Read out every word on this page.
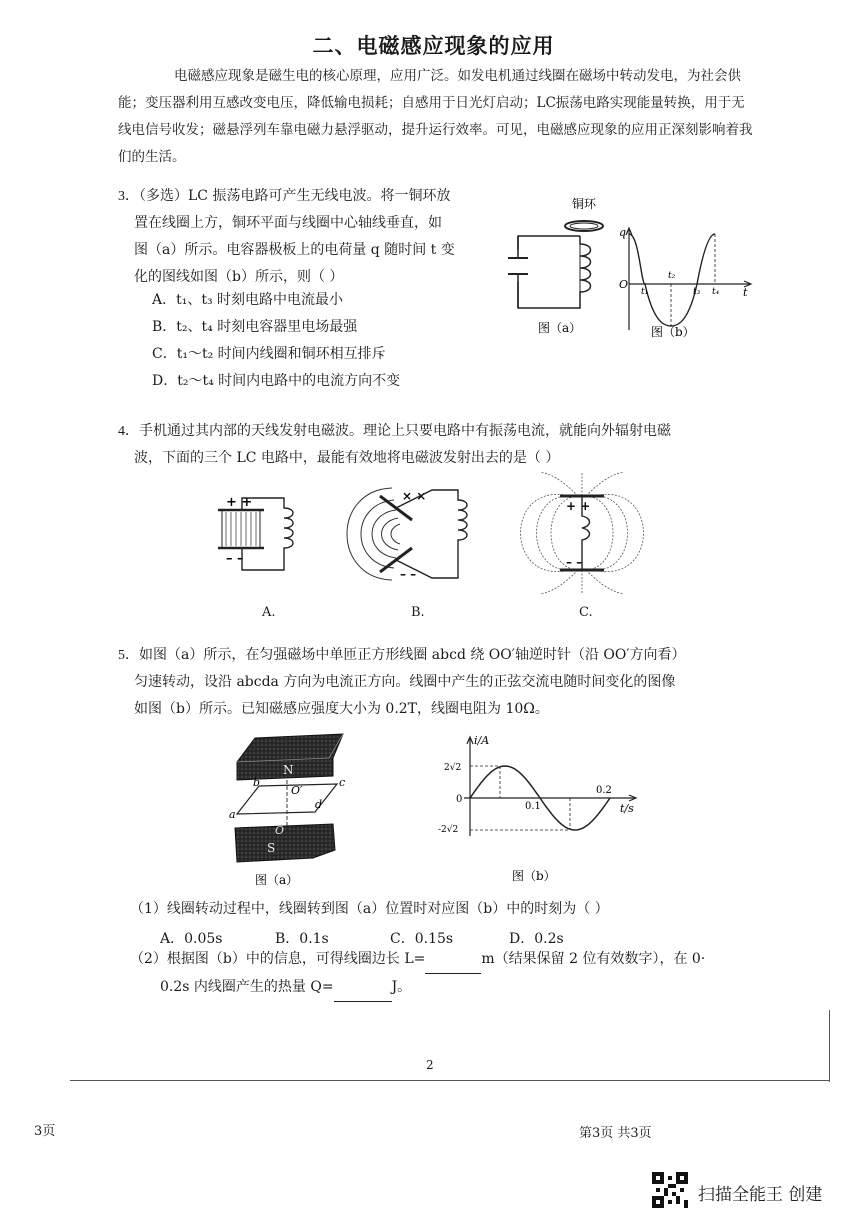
二、电磁感应现象的应用

电磁感应现象是磁生电的核心原理，应用广泛。如发电机通过线圈在磁场中转动发电，为社会供能；变压器利用互感改变电压，降低输电损耗；自感用于日光灯启动；LC振荡电路实现能量转换，用于无线电信号收发；磁悬浮列车靠电磁力悬浮驱动，提升运行效率。可见，电磁感应现象的应用正深刻影响着我们的生活。

3．（多选）LC 振荡电路可产生无线电波。将一铜环放

置在线圈上方，铜环平面与线圈中心轴线垂直，如

图（a）所示。电容器极板上的电荷量 q 随时间 t 变

化的图线如图（b）所示，则（ ）

A．t₁、t₃ 时刻电路中电流最小
B．t₂、t₄ 时刻电容器里电场最强
C．t₁～t₂ 时间内线圈和铜环相互排斥
D．t₂～t₄ 时间内电路中的电流方向不变
铜环
图（a）
q
t
O
t₁
t₂
t₃ t₄
图（b）

4．手机通过其内部的天线发射电磁波。理论上只要电路中有振荡电流，就能向外辐射电磁

波，下面的三个 LC 电路中，最能有效地将电磁波发射出去的是（ ）

+ +
– –
A.
× ×
– –
B.
+ +
– –
C.

5．如图（a）所示，在匀强磁场中单匝正方形线圈 abcd 绕 OO′轴逆时针（沿 OO′方向看）

匀速转动，设沿 abcda 方向为电流正方向。线圈中产生的正弦交流电随时间变化的图像

如图（b）所示。已知磁感应强度大小为 0.2T，线圈电阻为 10Ω。

N
S
b	c
a
d
O′
O
图（a）
i/A
t/s
2√2
-2√2
0
0.1
0.2
图（b）
（1）线圈转动过程中，线圈转到图（a）位置时对应图（b）中的时刻为（ ）
A．0.05s	B．0.1s	C．0.15s	D．0.2s

（2）根据图（b）中的信息，可得线圈边长 L=	m（结果保留 2 位有效数字），在 0·

0.2s 内线圈产生的热量 Q=	J。

2
3页	第3页 共3页
扫描全能王 创建
